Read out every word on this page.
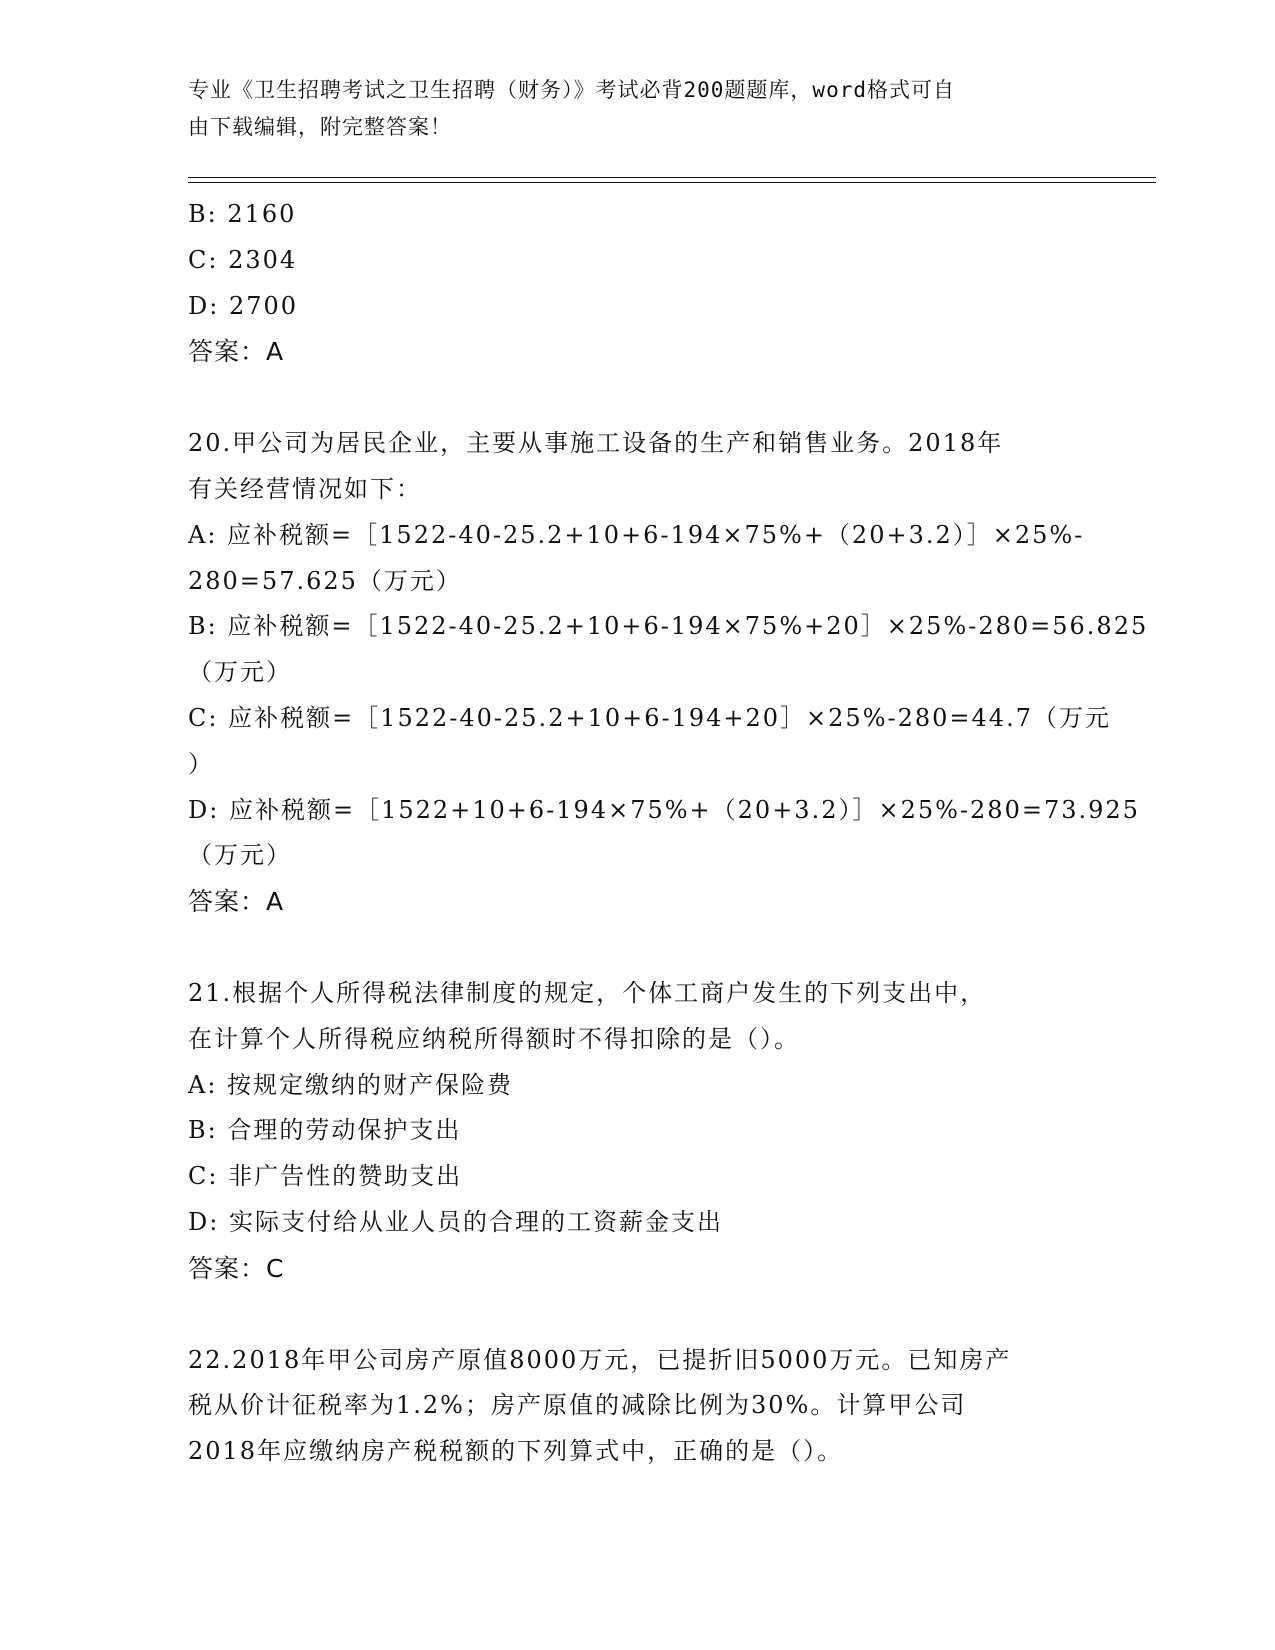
专业《卫生招聘考试之卫生招聘（财务）》考试必背200题题库，word格式可自
由下载编辑，附完整答案！
B: 2160
C: 2304
D: 2700
答案：A
20.甲公司为居民企业，主要从事施工设备的生产和销售业务。2018年
有关经营情况如下：
A: 应补税额=［1522-40-25.2+10+6-194×75%+（20+3.2）］×25%-
280=57.625（万元）
B: 应补税额=［1522-40-25.2+10+6-194×75%+20］×25%-280=56.825
（万元）
C: 应补税额=［1522-40-25.2+10+6-194+20］×25%-280=44.7（万元
）
D: 应补税额=［1522+10+6-194×75%+（20+3.2）］×25%-280=73.925
（万元）
答案：A
21.根据个人所得税法律制度的规定，个体工商户发生的下列支出中，
在计算个人所得税应纳税所得额时不得扣除的是（）。
A: 按规定缴纳的财产保险费
B: 合理的劳动保护支出
C: 非广告性的赞助支出
D: 实际支付给从业人员的合理的工资薪金支出
答案：C
22.2018年甲公司房产原值8000万元，已提折旧5000万元。已知房产
税从价计征税率为1.2%；房产原值的减除比例为30%。计算甲公司
2018年应缴纳房产税税额的下列算式中，正确的是（）。
